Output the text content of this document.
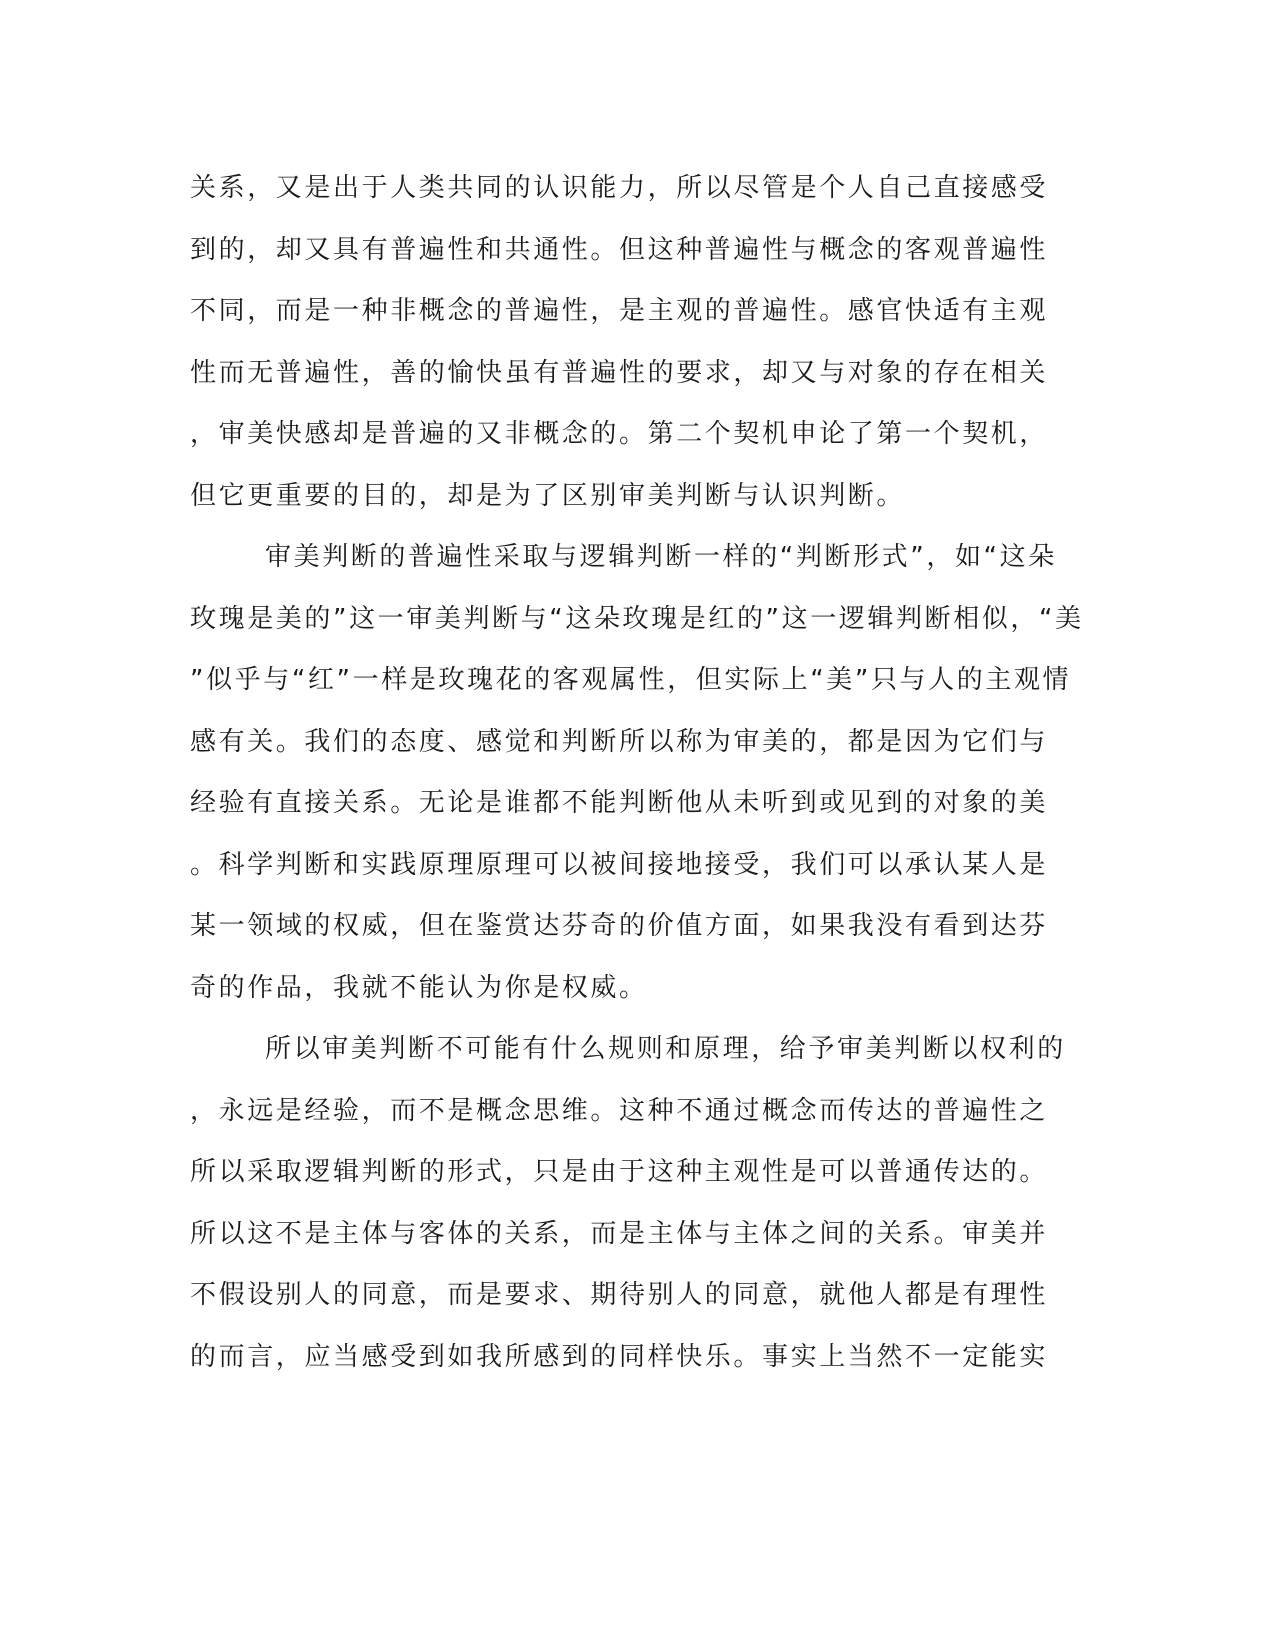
关系，又是出于人类共同的认识能力，所以尽管是个人自己直接感受
到的，却又具有普遍性和共通性。但这种普遍性与概念的客观普遍性
不同，而是一种非概念的普遍性，是主观的普遍性。感官快适有主观
性而无普遍性，善的愉快虽有普遍性的要求，却又与对象的存在相关
，审美快感却是普遍的又非概念的。第二个契机申论了第一个契机，
但它更重要的目的，却是为了区别审美判断与认识判断。
审美判断的普遍性采取与逻辑判断一样的“判断形式”，如“这朵
玫瑰是美的”这一审美判断与“这朵玫瑰是红的”这一逻辑判断相似，“美
”似乎与“红”一样是玫瑰花的客观属性，但实际上“美”只与人的主观情
感有关。我们的态度、感觉和判断所以称为审美的，都是因为它们与
经验有直接关系。无论是谁都不能判断他从未听到或见到的对象的美
。科学判断和实践原理原理可以被间接地接受，我们可以承认某人是
某一领域的权威，但在鉴赏达芬奇的价值方面，如果我没有看到达芬
奇的作品，我就不能认为你是权威。
所以审美判断不可能有什么规则和原理，给予审美判断以权利的
，永远是经验，而不是概念思维。这种不通过概念而传达的普遍性之
所以采取逻辑判断的形式，只是由于这种主观性是可以普通传达的。
所以这不是主体与客体的关系，而是主体与主体之间的关系。审美并
不假设别人的同意，而是要求、期待别人的同意，就他人都是有理性
的而言，应当感受到如我所感到的同样快乐。事实上当然不一定能实
